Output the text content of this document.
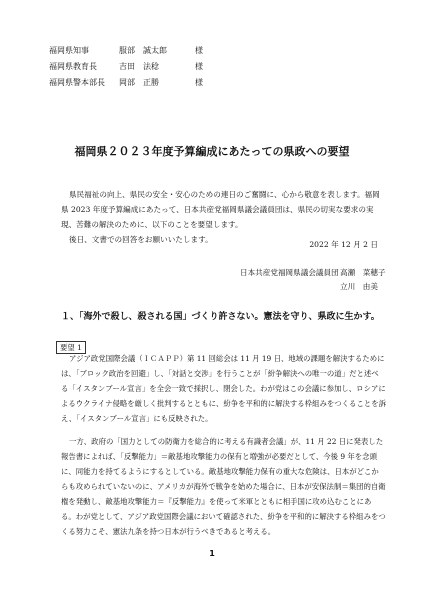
福岡県知事	服部　誠太郎	様
福岡県教育長	吉田　法稔	様
福岡県警本部長	岡部　正勝	様
福岡県２０２３年度予算編成にあたっての県政への要望

県民福祉の向上、県民の安全・安心のための連日のご奮闘に、心から敬意を表します。福岡県 2023 年度予算編成にあたって、日本共産党福岡県議会議員団は、県民の切実な要求の実現、苦難の解決のために、以下のことを要望します。

後日、文書での回答をお願いいたします。

2022 年 12 月 2 日
日本共産党福岡県議会議員団 高瀬　菜穂子
立川　由美
１、「海外で殺し、殺される国」づくり許さない。憲法を守り、県政に生かす。
要望 1

アジア政党国際会議（ＩＣＡＰＰ）第 11 回総会は 11 月 19 日、地域の課題を解決するためには、「ブロック政治を回避」し、「対話と交渉」を行うことが「紛争解決への唯一の道」だと述べる「イスタンブール宣言」を全会一致で採択し、閉会した。わが党はこの会議に参加し、ロシアによるウクライナ侵略を厳しく批判するとともに、紛争を平和的に解決する枠組みをつくることを訴え、「イスタンブール宣言」にも反映された。

一方、政府の「国力としての防衛力を総合的に考える有識者会議」が、11 月 22 日に発表した報告書によれば、「反撃能力」＝敵基地攻撃能力の保有と増強が必要だとして、今後 9 年を念頭に、同能力を持てるようにするとしている。敵基地攻撃能力保有の重大な危険は、日本がどこからも攻められていないのに、アメリカが海外で戦争を始めた場合に、日本が安保法制＝集団的自衛権を発動し、敵基地攻撃能力＝『反撃能力』を使って米軍とともに相手国に攻め込むことにある。わが党として、アジア政党国際会議において確認された、紛争を平和的に解決する枠組みをつくる努力こそ、憲法九条を持つ日本が行うべきであると考える。

1
